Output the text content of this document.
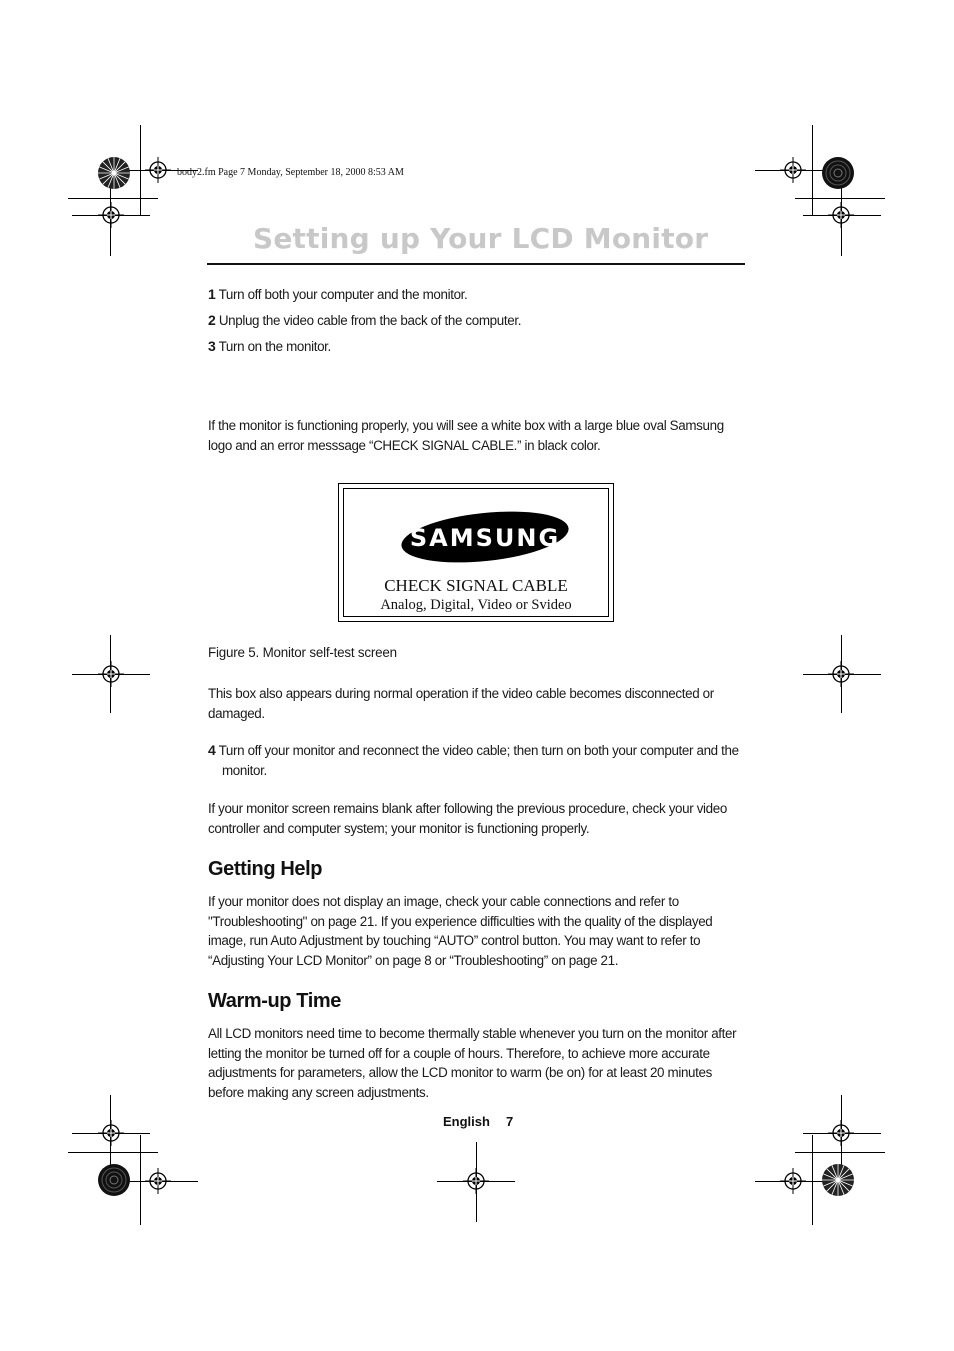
body2.fm Page 7 Monday, September 18, 2000 8:53 AM
Setting up Your LCD Monitor
1 Turn off both your computer and the monitor.
2 Unplug the video cable from the back of the computer.
3 Turn on the monitor.
If the monitor is functioning properly, you will see a white box with a large blue oval Samsung logo and an error messsage “CHECK SIGNAL CABLE.” in black color.
SAMSUNG
CHECK SIGNAL CABLE
Analog, Digital, Video or Svideo
Figure 5. Monitor self-test screen
This box also appears during normal operation if the video cable becomes disconnected or damaged.
4 Turn off your monitor and reconnect the video cable; then turn on both your computer and the monitor.
If your monitor screen remains blank after following the previous procedure, check your video controller and computer system; your monitor is functioning properly.
Getting Help
If your monitor does not display an image, check your cable connections and refer to "Troubleshooting" on page 21. If you experience difficulties with the quality of the displayed image, run Auto Adjustment by touching “AUTO” control button. You may want to refer to “Adjusting Your LCD Monitor” on page 8 or “Troubleshooting” on page 21.
Warm-up Time
All LCD monitors need time to become thermally stable whenever you turn on the monitor after letting the monitor be turned off for a couple of hours. Therefore, to achieve more accurate adjustments for parameters, allow the LCD monitor to warm (be on) for at least 20 minutes before making any screen adjustments.
English 7
